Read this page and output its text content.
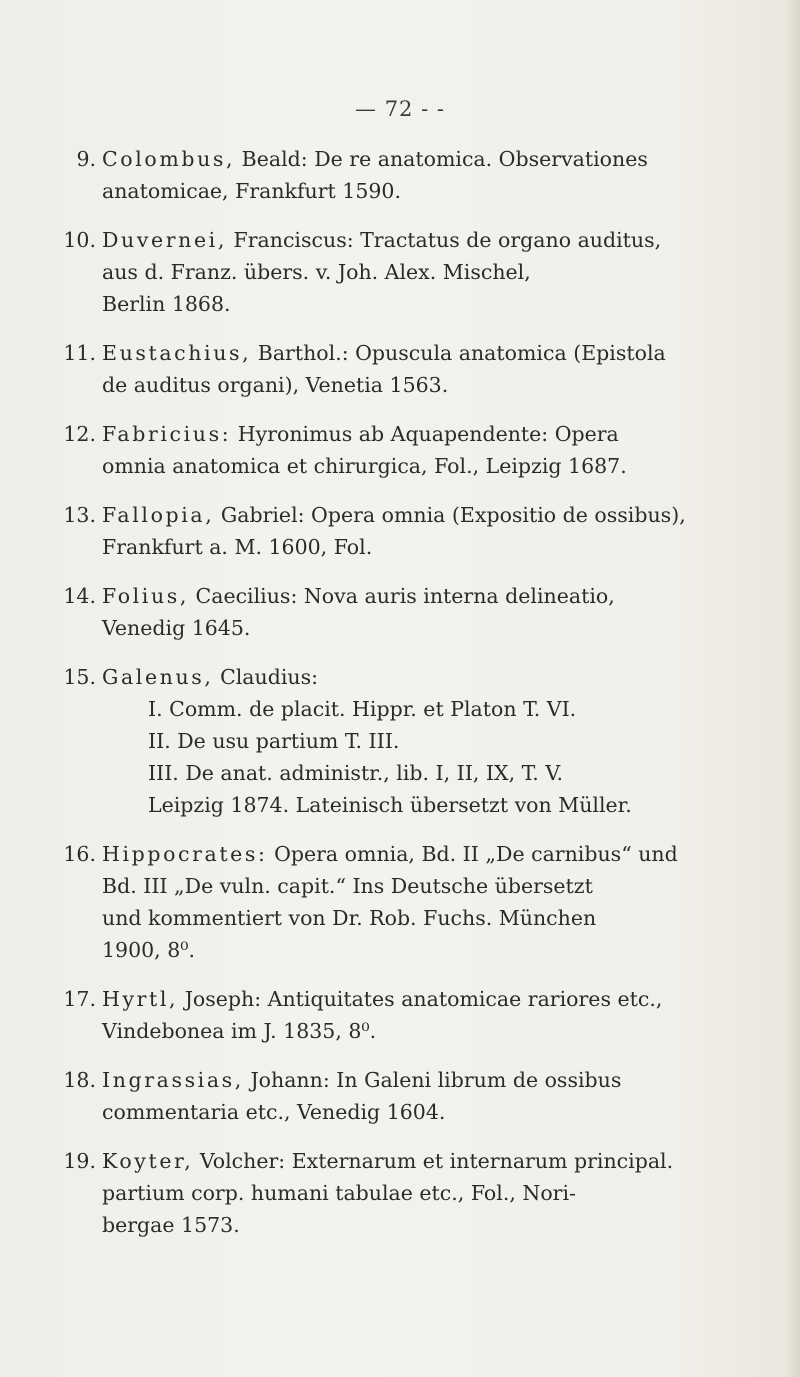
— 72 - -
9. Colombus, Beald: De re anatomica. Observationes
anatomicae, Frankfurt 1590.
10. Duvernei, Franciscus: Tractatus de organo auditus,
aus d. Franz. übers. v. Joh. Alex. Mischel,
Berlin 1868.
11. Eustachius, Barthol.: Opuscula anatomica (Epistola
de auditus organi), Venetia 1563.
12. Fabricius: Hyronimus ab Aquapendente: Opera
omnia anatomica et chirurgica, Fol., Leipzig 1687.
13. Fallopia, Gabriel: Opera omnia (Expositio de ossibus),
Frankfurt a. M. 1600, Fol.
14. Folius, Caecilius: Nova auris interna delineatio,
Venedig 1645.
15. Galenus, Claudius:
I. Comm. de placit. Hippr. et Platon T. VI.
II. De usu partium T. III.
III. De anat. administr., lib. I, II, IX, T. V.
Leipzig 1874. Lateinisch übersetzt von Müller.
16. Hippocrates: Opera omnia, Bd. II „De carnibus“ und
Bd. III „De vuln. capit.“ Ins Deutsche übersetzt
und kommentiert von Dr. Rob. Fuchs. München
1900, 8⁰.
17. Hyrtl, Joseph: Antiquitates anatomicae rariores etc.,
Vindebonea im J. 1835, 8⁰.
18. Ingrassias, Johann: In Galeni librum de ossibus
commentaria etc., Venedig 1604.
19. Koyter, Volcher: Externarum et internarum principal.
partium corp. humani tabulae etc., Fol., Nori-
bergae 1573.
